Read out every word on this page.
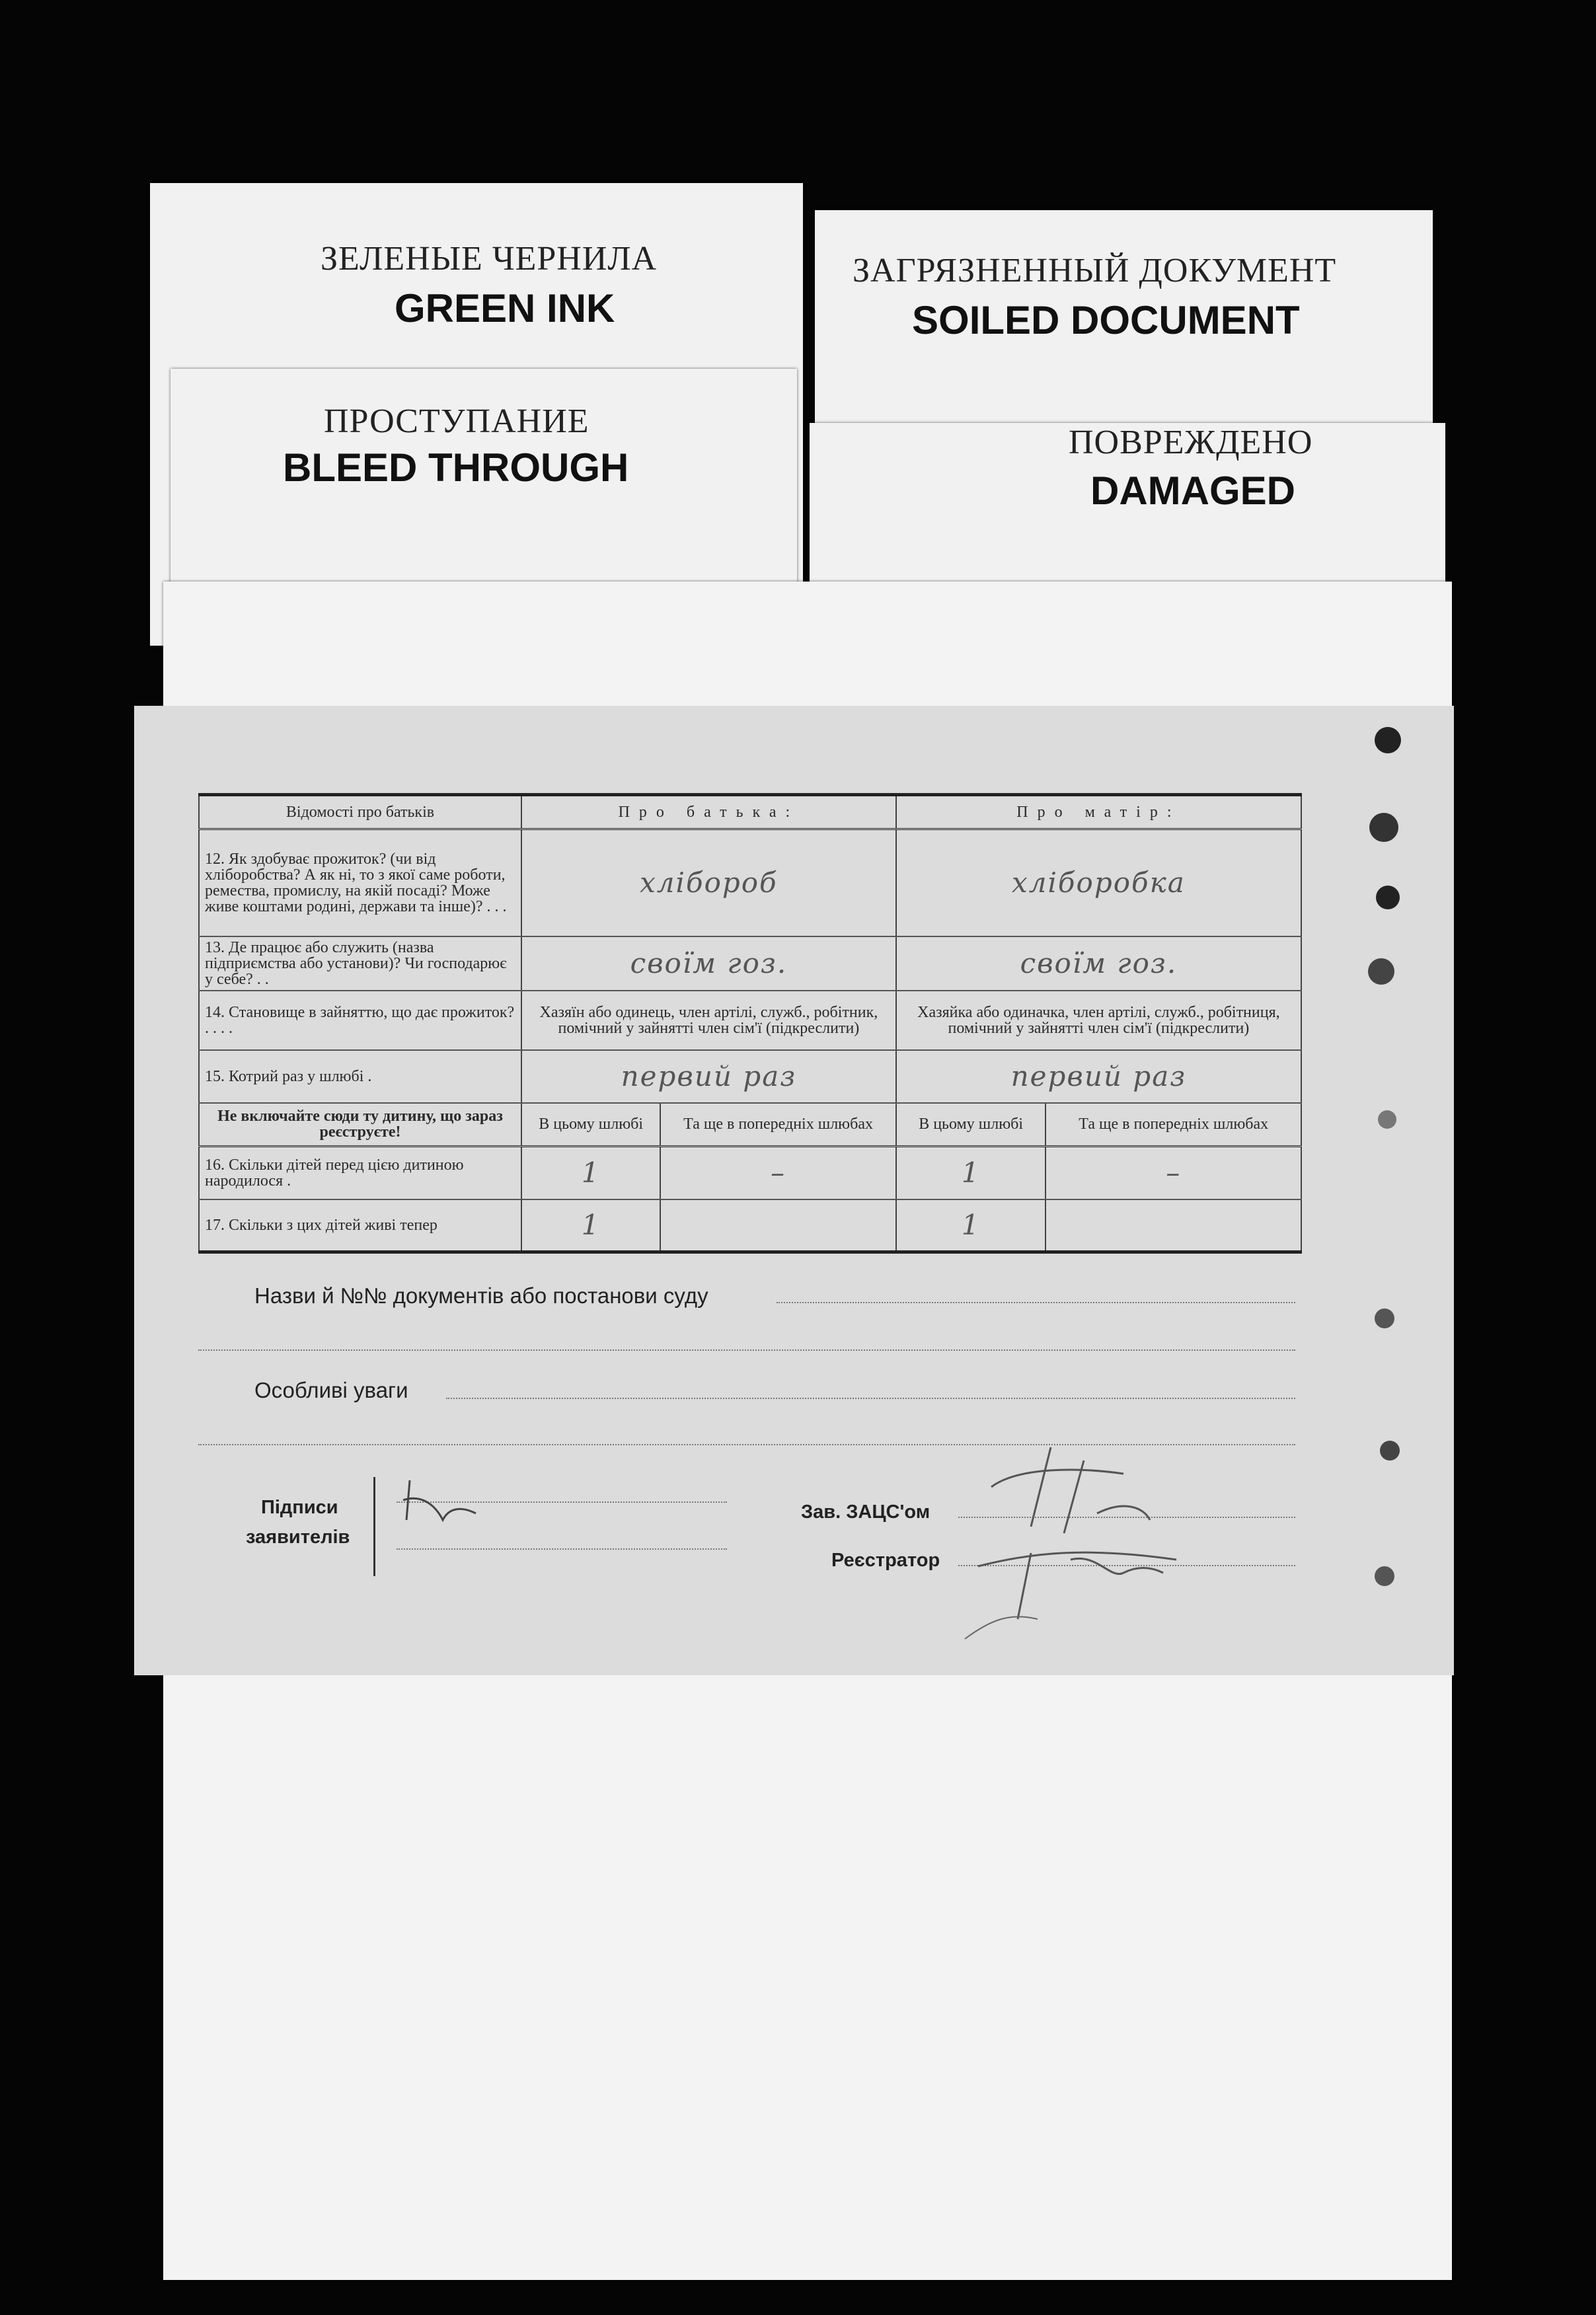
ЗЕЛЕНЫЕ ЧЕРНИЛА
GREEN INK
ЗАГРЯЗНЕННЫЙ ДОКУМЕНТ
SOILED DOCUMENT
ПРОСТУПАНИЕ
BLEED THROUGH
ПОВРЕЖДЕНО
DAMAGED
Відомості про батьків	Про батька:		Про матір:	
12. Як здобуває прожиток? (чи від хліборобства? А як ні, то з якої саме роботи, ремества, промислу, на якій посаді? Може живе коштами родині, держави та інше)? . . .	хлібороб		хліборобка	
13. Де працює або служить (назва підприємства або установи)? Чи господарює у себе? . .	своїм гоз.		своїм гоз.	
14. Становище в зайняттю, що дає прожиток? . . . .	Хазяїн або одинець, член артілі, служб., робітник, помічний у зайнятті член сім'ї (підкреслити)		Хазяйка або одиначка, член артілі, служб., робітниця, помічний у зайнятті член сім'ї (підкреслити)	
15. Котрий раз у шлюбі .	первий раз		первий раз	
Не включайте сюди ту дитину, що зараз реєструєте!	В цьому шлюбі	Та ще в попередніх шлюбах	В цьому шлюбі	Та ще в попередніх шлюбах
16. Скільки дітей перед цією дитиною народилося .	1	–	1	–
17. Скільки з цих дітей живі тепер	1		1	
Назви й №№ документів або постанови суду
Особливі уваги
Підписи
заявителів
Зав. ЗАЦС'ом
Реєстратор
